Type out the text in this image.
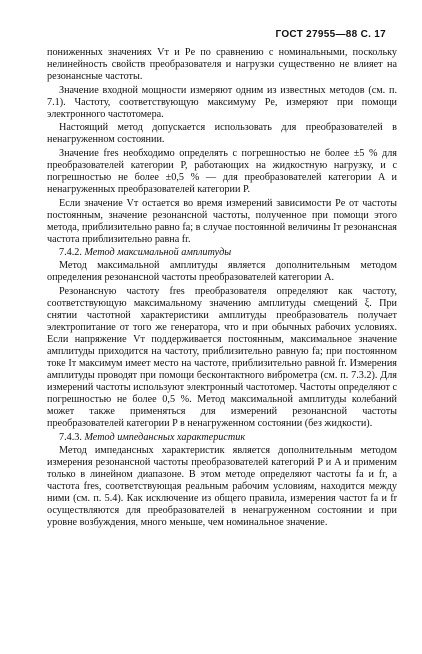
ГОСТ 27955—88 С. 17

пониженных значениях Vт и Pе по сравнению с номинальными, поскольку нелинейность свойств преобразователя и нагрузки существенно не влияет на резонансные частоты.

Значение входной мощности измеряют одним из известных методов (см. п. 7.1). Частоту, соответствующую максимуму Pе, измеряют при помощи электронного частотомера.

Настоящий метод допускается использовать для преобразователей в ненагруженном состоянии.

Значение fres необходимо определять с погрешностью не более ±5 % для преобразователей категории P, работающих на жидкостную нагрузку, и с погрешностью не более ±0,5 % — для преобразователей категории A и ненагруженных преобразователей категории P.

Если значение Vт остается во время измерений зависимости Pе от частоты постоянным, значение резонансной частоты, полученное при помощи этого метода, приблизительно равно fа; в случае постоянной величины Iт резонансная частота приблизительно равна fr.

7.4.2. Метод максимальной амплитуды

Метод максимальной амплитуды является дополнительным методом определения резонансной частоты преобразователей категории А.

Резонансную частоту fres преобразователя определяют как частоту, соответствующую максимальному значению амплитуды смещений ξ. При снятии частотной характеристики амплитуды преобразователь получает электропитание от того же генератора, что и при обычных рабочих условиях. Если напряжение Vт поддерживается постоянным, максимальное значение амплитуды приходится на частоту, приблизительно равную fа; при постоянном токе Iт максимум имеет место на частоте, приблизительно равной fr. Измерения амплитуды проводят при помощи бесконтактного виброметра (см. п. 7.3.2). Для измерений частоты используют электронный частотомер. Частоты определяют с погрешностью не более 0,5 %. Метод максимальной амплитуды колебаний может также применяться для измерений резонансной частоты преобразователей категории P в ненагруженном состоянии (без жидкости).

7.4.3. Метод импедансных характеристик

Метод импедансных характеристик является дополнительным методом измерения резонансной частоты преобразователей категорий P и A и применим только в линейном диапазоне. В этом методе определяют частоты fа и fr, а частота fres, соответствующая реальным рабочим условиям, находится между ними (см. п. 5.4). Как исключение из общего правила, измерения частот fа и fr осуществляются для преобразователей в ненагруженном состоянии и при уровне возбуждения, много меньше, чем номинальное значение.
